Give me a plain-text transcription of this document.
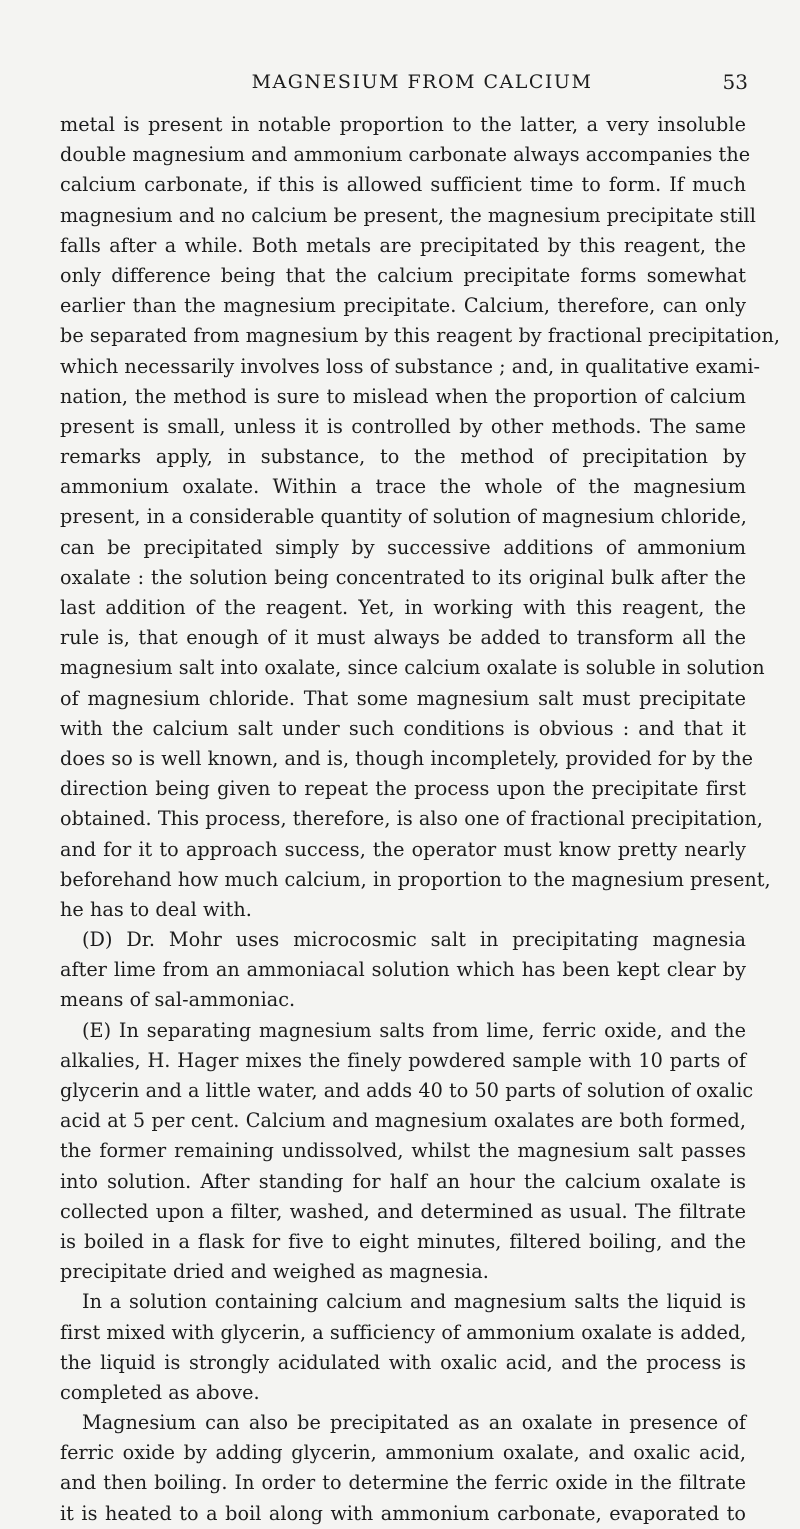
MAGNESIUM FROM CALCIUM	53
metal is present in notable proportion to the latter, a very insoluble
double magnesium and ammonium carbonate always accompanies the
calcium carbonate, if this is allowed sufficient time to form. If much
magnesium and no calcium be present, the magnesium precipitate still
falls after a while. Both metals are precipitated by this reagent, the
only difference being that the calcium precipitate forms somewhat
earlier than the magnesium precipitate. Calcium, therefore, can only
be separated from magnesium by this reagent by fractional precipitation,
which necessarily involves loss of substance ; and, in qualitative exami-
nation, the method is sure to mislead when the proportion of calcium
present is small, unless it is controlled by other methods. The same
remarks apply, in substance, to the method of precipitation by
ammonium oxalate. Within a trace the whole of the magnesium
present, in a considerable quantity of solution of magnesium chloride,
can be precipitated simply by successive additions of ammonium
oxalate : the solution being concentrated to its original bulk after the
last addition of the reagent. Yet, in working with this reagent, the
rule is, that enough of it must always be added to transform all the
magnesium salt into oxalate, since calcium oxalate is soluble in solution
of magnesium chloride. That some magnesium salt must precipitate
with the calcium salt under such conditions is obvious : and that it
does so is well known, and is, though incompletely, provided for by the
direction being given to repeat the process upon the precipitate first
obtained. This process, therefore, is also one of fractional precipitation,
and for it to approach success, the operator must know pretty nearly
beforehand how much calcium, in proportion to the magnesium present,
he has to deal with.
(D) Dr. Mohr uses microcosmic salt in precipitating magnesia
after lime from an ammoniacal solution which has been kept clear by
means of sal-ammoniac.
(E) In separating magnesium salts from lime, ferric oxide, and the
alkalies, H. Hager mixes the finely powdered sample with 10 parts of
glycerin and a little water, and adds 40 to 50 parts of solution of oxalic
acid at 5 per cent. Calcium and magnesium oxalates are both formed,
the former remaining undissolved, whilst the magnesium salt passes
into solution. After standing for half an hour the calcium oxalate is
collected upon a filter, washed, and determined as usual. The filtrate
is boiled in a flask for five to eight minutes, filtered boiling, and the
precipitate dried and weighed as magnesia.
In a solution containing calcium and magnesium salts the liquid is
first mixed with glycerin, a sufficiency of ammonium oxalate is added,
the liquid is strongly acidulated with oxalic acid, and the process is
completed as above.
Magnesium can also be precipitated as an oxalate in presence of
ferric oxide by adding glycerin, ammonium oxalate, and oxalic acid,
and then boiling. In order to determine the ferric oxide in the filtrate
it is heated to a boil along with ammonium carbonate, evaporated to
